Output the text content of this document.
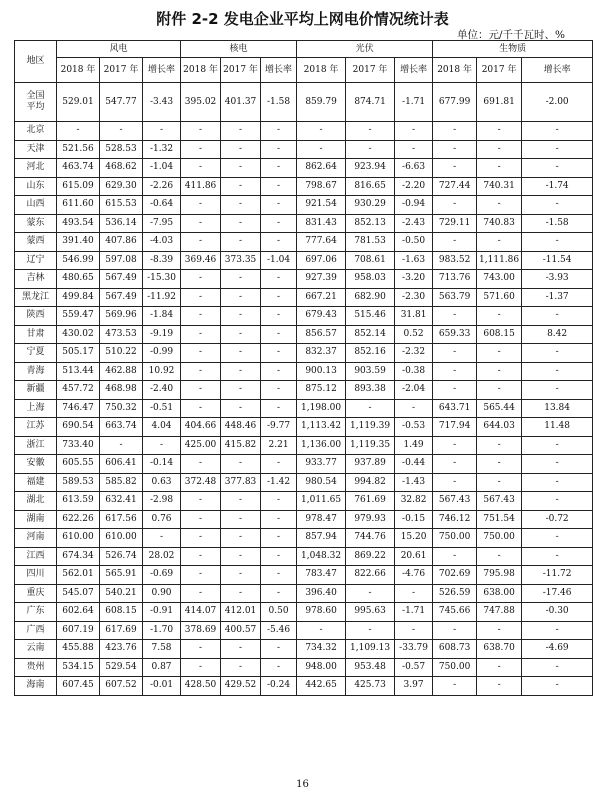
附件 2-2 发电企业平均上网电价情况统计表
单位：元/千千瓦时、%
地区	风电			核电			光伏			生物质		
	2018 年	2017 年	增长率	2018 年	2017 年	增长率	2018 年	2017 年	增长率	2018 年	2017 年	增长率
全国
平均	529.01	547.77	-3.43	395.02	401.37	-1.58	859.79	874.71	-1.71	677.99	691.81	-2.00
北京	-	-	-	-	-	-	-	-	-	-	-	-
天津	521.56	528.53	-1.32	-	-	-	-	-	-	-	-	-
河北	463.74	468.62	-1.04	-	-	-	862.64	923.94	-6.63	-	-	-
山东	615.09	629.30	-2.26	411.86	-	-	798.67	816.65	-2.20	727.44	740.31	-1.74
山西	611.60	615.53	-0.64	-	-	-	921.54	930.29	-0.94	-	-	-
蒙东	493.54	536.14	-7.95	-	-	-	831.43	852.13	-2.43	729.11	740.83	-1.58
蒙西	391.40	407.86	-4.03	-	-	-	777.64	781.53	-0.50	-	-	-
辽宁	546.99	597.08	-8.39	369.46	373.35	-1.04	697.06	708.61	-1.63	983.52	1,111.86	-11.54
吉林	480.65	567.49	-15.30	-	-	-	927.39	958.03	-3.20	713.76	743.00	-3.93
黑龙江	499.84	567.49	-11.92	-	-	-	667.21	682.90	-2.30	563.79	571.60	-1.37
陕西	559.47	569.96	-1.84	-	-	-	679.43	515.46	31.81	-	-	-
甘肃	430.02	473.53	-9.19	-	-	-	856.57	852.14	0.52	659.33	608.15	8.42
宁夏	505.17	510.22	-0.99	-	-	-	832.37	852.16	-2.32	-	-	-
青海	513.44	462.88	10.92	-	-	-	900.13	903.59	-0.38	-	-	-
新疆	457.72	468.98	-2.40	-	-	-	875.12	893.38	-2.04	-	-	-
上海	746.47	750.32	-0.51	-	-	-	1,198.00	-	-	643.71	565.44	13.84
江苏	690.54	663.74	4.04	404.66	448.46	-9.77	1,113.42	1,119.39	-0.53	717.94	644.03	11.48
浙江	733.40	-	-	425.00	415.82	2.21	1,136.00	1,119.35	1.49	-	-	-
安徽	605.55	606.41	-0.14	-	-	-	933.77	937.89	-0.44	-	-	-
福建	589.53	585.82	0.63	372.48	377.83	-1.42	980.54	994.82	-1.43	-	-	-
湖北	613.59	632.41	-2.98	-	-	-	1,011.65	761.69	32.82	567.43	567.43	-
湖南	622.26	617.56	0.76	-	-	-	978.47	979.93	-0.15	746.12	751.54	-0.72
河南	610.00	610.00	-	-	-	-	857.94	744.76	15.20	750.00	750.00	-
江西	674.34	526.74	28.02	-	-	-	1,048.32	869.22	20.61	-	-	-
四川	562.01	565.91	-0.69	-	-	-	783.47	822.66	-4.76	702.69	795.98	-11.72
重庆	545.07	540.21	0.90	-	-	-	396.40	-	-	526.59	638.00	-17.46
广东	602.64	608.15	-0.91	414.07	412.01	0.50	978.60	995.63	-1.71	745.66	747.88	-0.30
广西	607.19	617.69	-1.70	378.69	400.57	-5.46	-	-	-	-	-	-
云南	455.88	423.76	7.58	-	-	-	734.32	1,109.13	-33.79	608.73	638.70	-4.69
贵州	534.15	529.54	0.87	-	-	-	948.00	953.48	-0.57	750.00	-	-
海南	607.45	607.52	-0.01	428.50	429.52	-0.24	442.65	425.73	3.97	-	-	-
16
